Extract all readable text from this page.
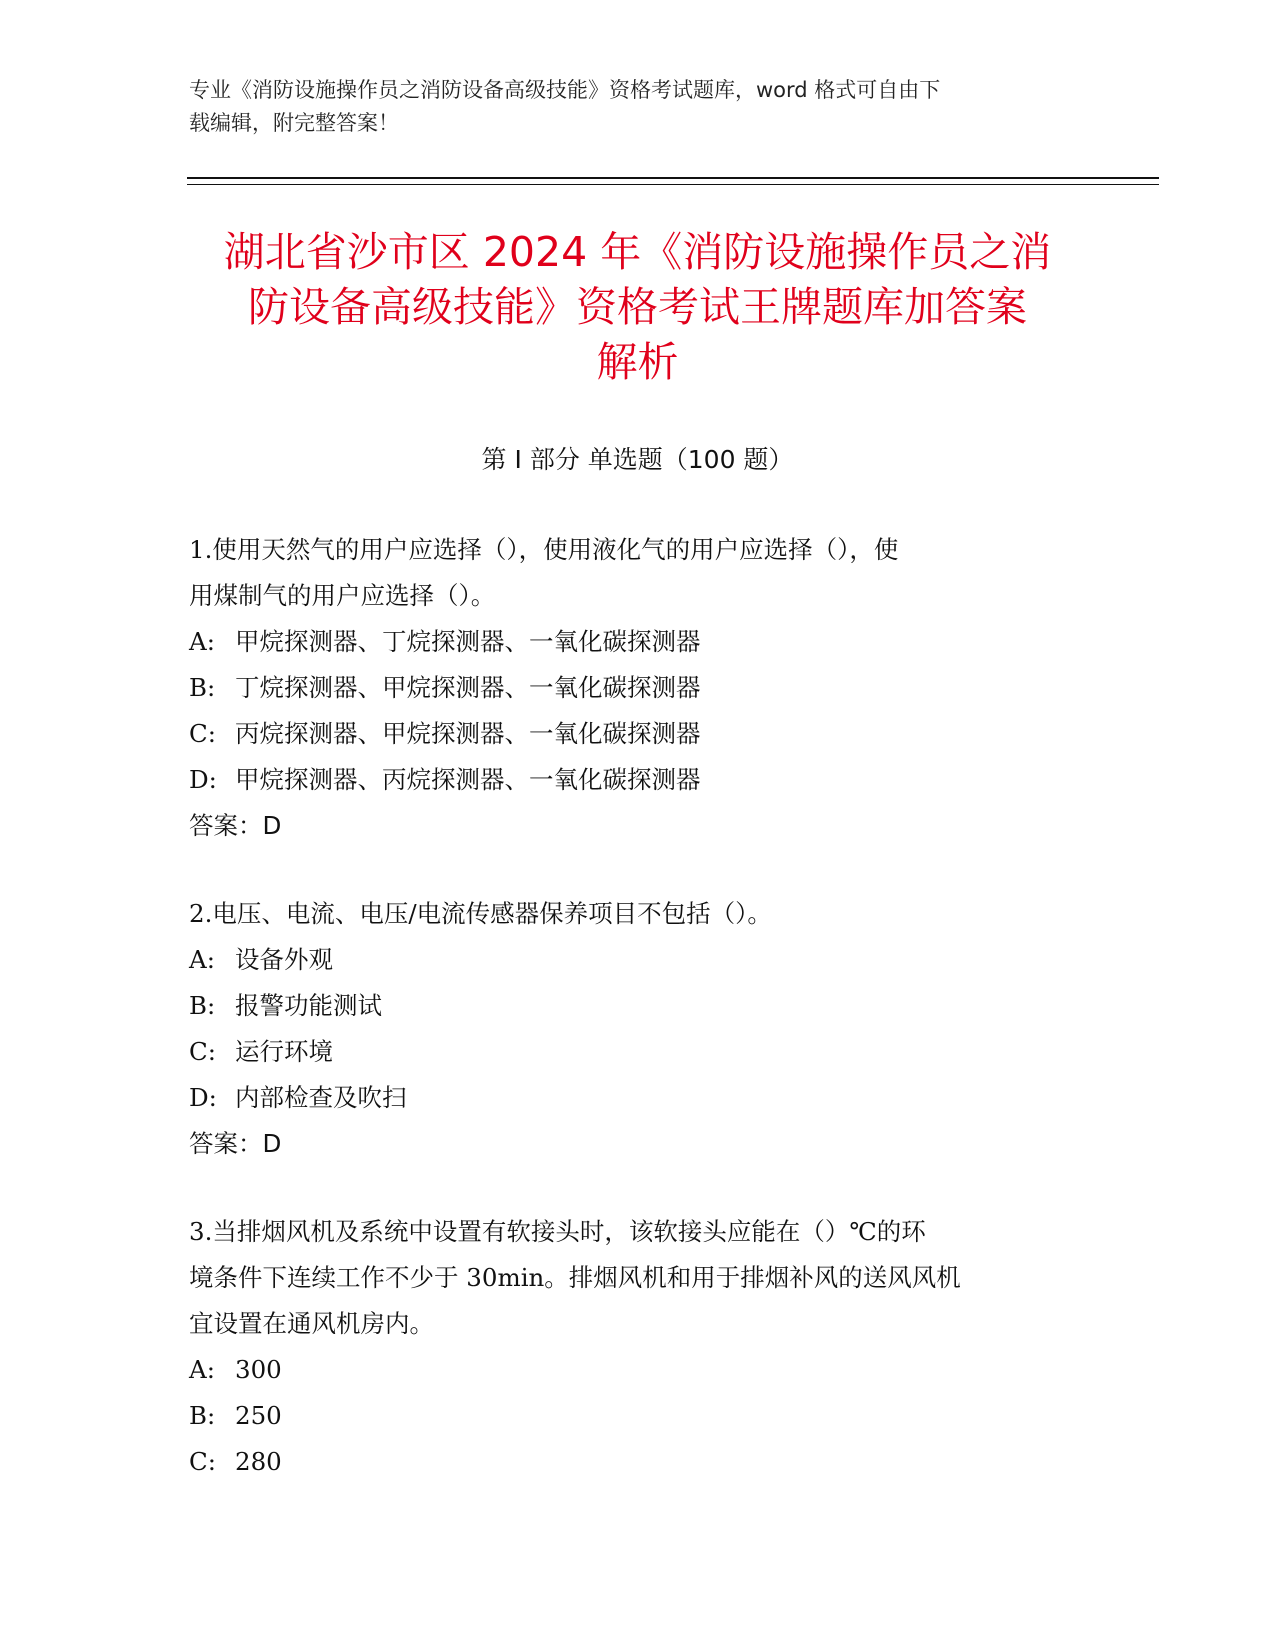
专业《消防设施操作员之消防设备高级技能》资格考试题库，word 格式可自由下
载编辑，附完整答案！
湖北省沙市区 2024 年《消防设施操作员之消
防设备高级技能》资格考试王牌题库加答案
解析
第 I 部分 单选题（100 题）
1.使用天然气的用户应选择（），使用液化气的用户应选择（），使
用煤制气的用户应选择（）。
A: 甲烷探测器、丁烷探测器、一氧化碳探测器
B: 丁烷探测器、甲烷探测器、一氧化碳探测器
C: 丙烷探测器、甲烷探测器、一氧化碳探测器
D: 甲烷探测器、丙烷探测器、一氧化碳探测器
答案：D
2.电压、电流、电压/电流传感器保养项目不包括（）。
A: 设备外观
B: 报警功能测试
C: 运行环境
D: 内部检查及吹扫
答案：D
3.当排烟风机及系统中设置有软接头时，该软接头应能在（）℃的环
境条件下连续工作不少于 30min。排烟风机和用于排烟补风的送风风机
宜设置在通风机房内。
A: 300
B: 250
C: 280
